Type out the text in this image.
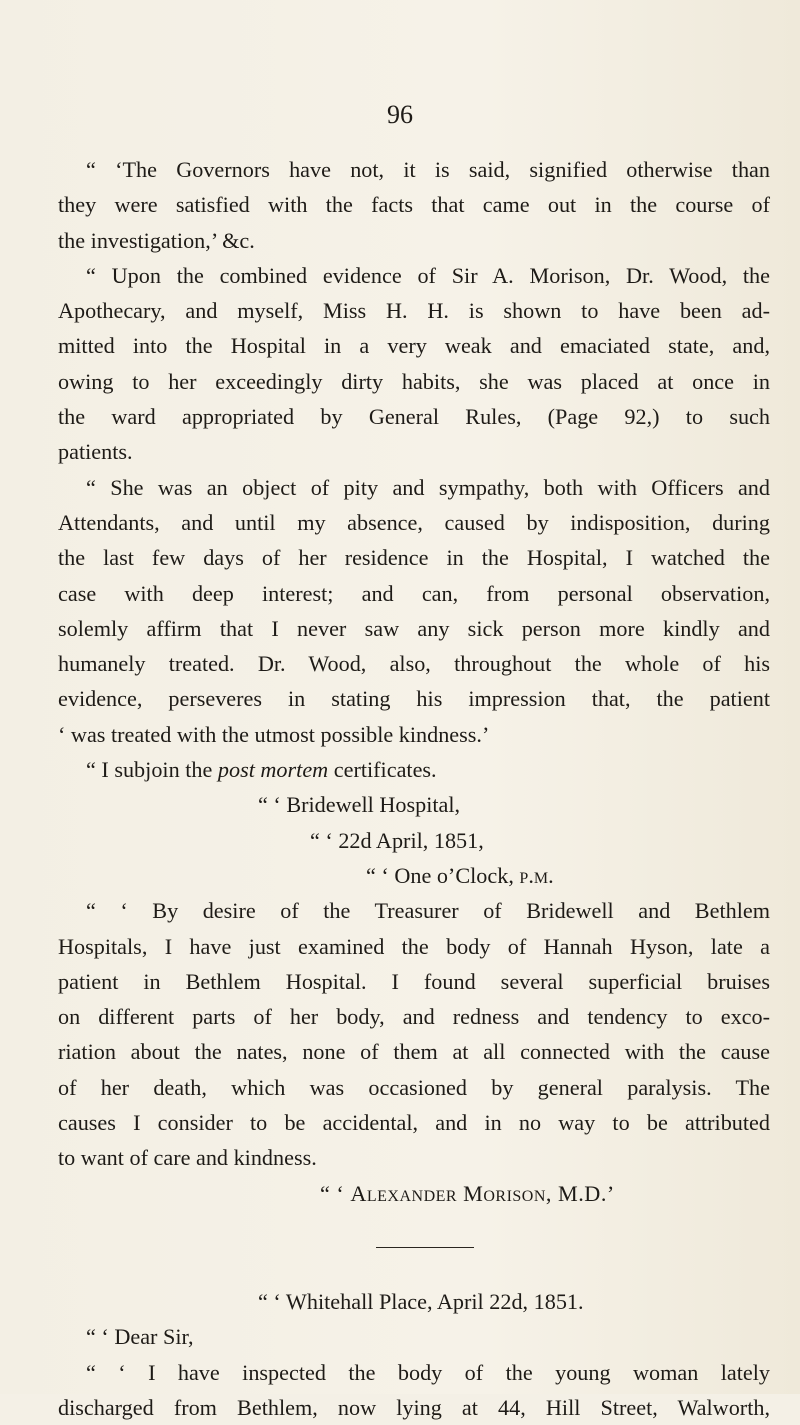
96
“ ‘The Governors have not, it is said, signified otherwise than
they were satisfied with the facts that came out in the course of
the investigation,’ &c.
“ Upon the combined evidence of Sir A. Morison, Dr. Wood, the
Apothecary, and myself, Miss H. H. is shown to have been ad-
mitted into the Hospital in a very weak and emaciated state, and,
owing to her exceedingly dirty habits, she was placed at once in
the ward appropriated by General Rules, (Page 92,) to such
patients.
“ She was an object of pity and sympathy, both with Officers and
Attendants, and until my absence, caused by indisposition, during
the last few days of her residence in the Hospital, I watched the
case with deep interest; and can, from personal observation,
solemly affirm that I never saw any sick person more kindly and
humanely treated. Dr. Wood, also, throughout the whole of his
evidence, perseveres in stating his impression that, the patient
‘ was treated with the utmost possible kindness.’
“ I subjoin the post mortem certificates.
“ ‘ Bridewell Hospital,
“ ‘ 22d April, 1851,
“ ‘ One o’Clock, p.m.
“ ‘ By desire of the Treasurer of Bridewell and Bethlem
Hospitals, I have just examined the body of Hannah Hyson, late a
patient in Bethlem Hospital. I found several superficial bruises
on different parts of her body, and redness and tendency to exco-
riation about the nates, none of them at all connected with the cause
of her death, which was occasioned by general paralysis. The
causes I consider to be accidental, and in no way to be attributed
to want of care and kindness.
“ ‘ Alexander Morison, M.D.’
“ ‘ Whitehall Place, April 22d, 1851.
“ ‘ Dear Sir,
“ ‘ I have inspected the body of the young woman lately
discharged from Bethlem, now lying at 44, Hill Street, Walworth,
